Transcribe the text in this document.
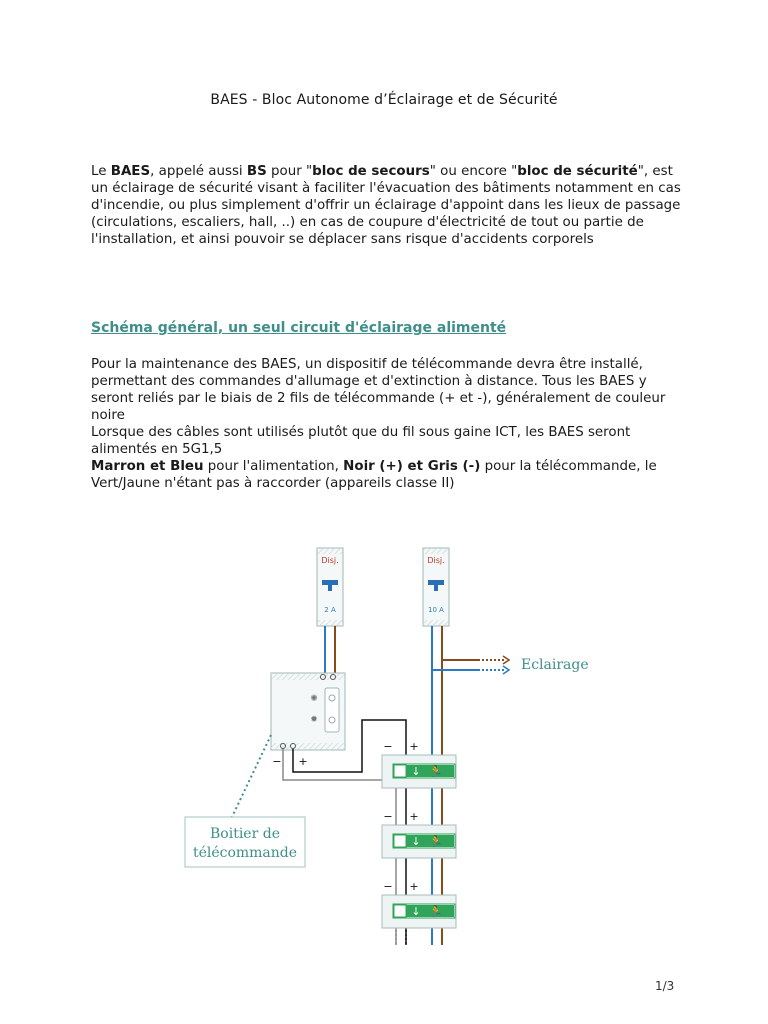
BAES - Bloc Autonome d’Éclairage et de Sécurité
Le BAES, appelé aussi BS pour "bloc de secours" ou encore "bloc de sécurité", est un éclairage de sécurité visant à faciliter l'évacuation des bâtiments notamment en cas d'incendie, ou plus simplement d'offrir un éclairage d'appoint dans les lieux de passage (circulations, escaliers, hall, ..) en cas de coupure d'électricité de tout ou partie de l'installation, et ainsi pouvoir se déplacer sans risque d'accidents corporels
Schéma général, un seul circuit d'éclairage alimenté
Pour la maintenance des BAES, un dispositif de télécommande devra être installé, permettant des commandes d'allumage et d'extinction à distance. Tous les BAES y seront reliés par le biais de 2 fils de télécommande (+ et -), généralement de couleur noire
Lorsque des câbles sont utilisés plutôt que du fil sous gaine ICT, les BAES seront alimentés en 5G1,5
Marron et Bleu pour l'alimentation, Noir (+) et Gris (-) pour la télécommande, le Vert/Jaune n'étant pas à raccorder (appareils classe II)
Disj.
2 A
Disj.
10 A
Eclairage
✺
✹
− +
− +
− +
− +
↓ 🏃
↓ 🏃
↓ 🏃
Boitier de
télécommande
1/3
